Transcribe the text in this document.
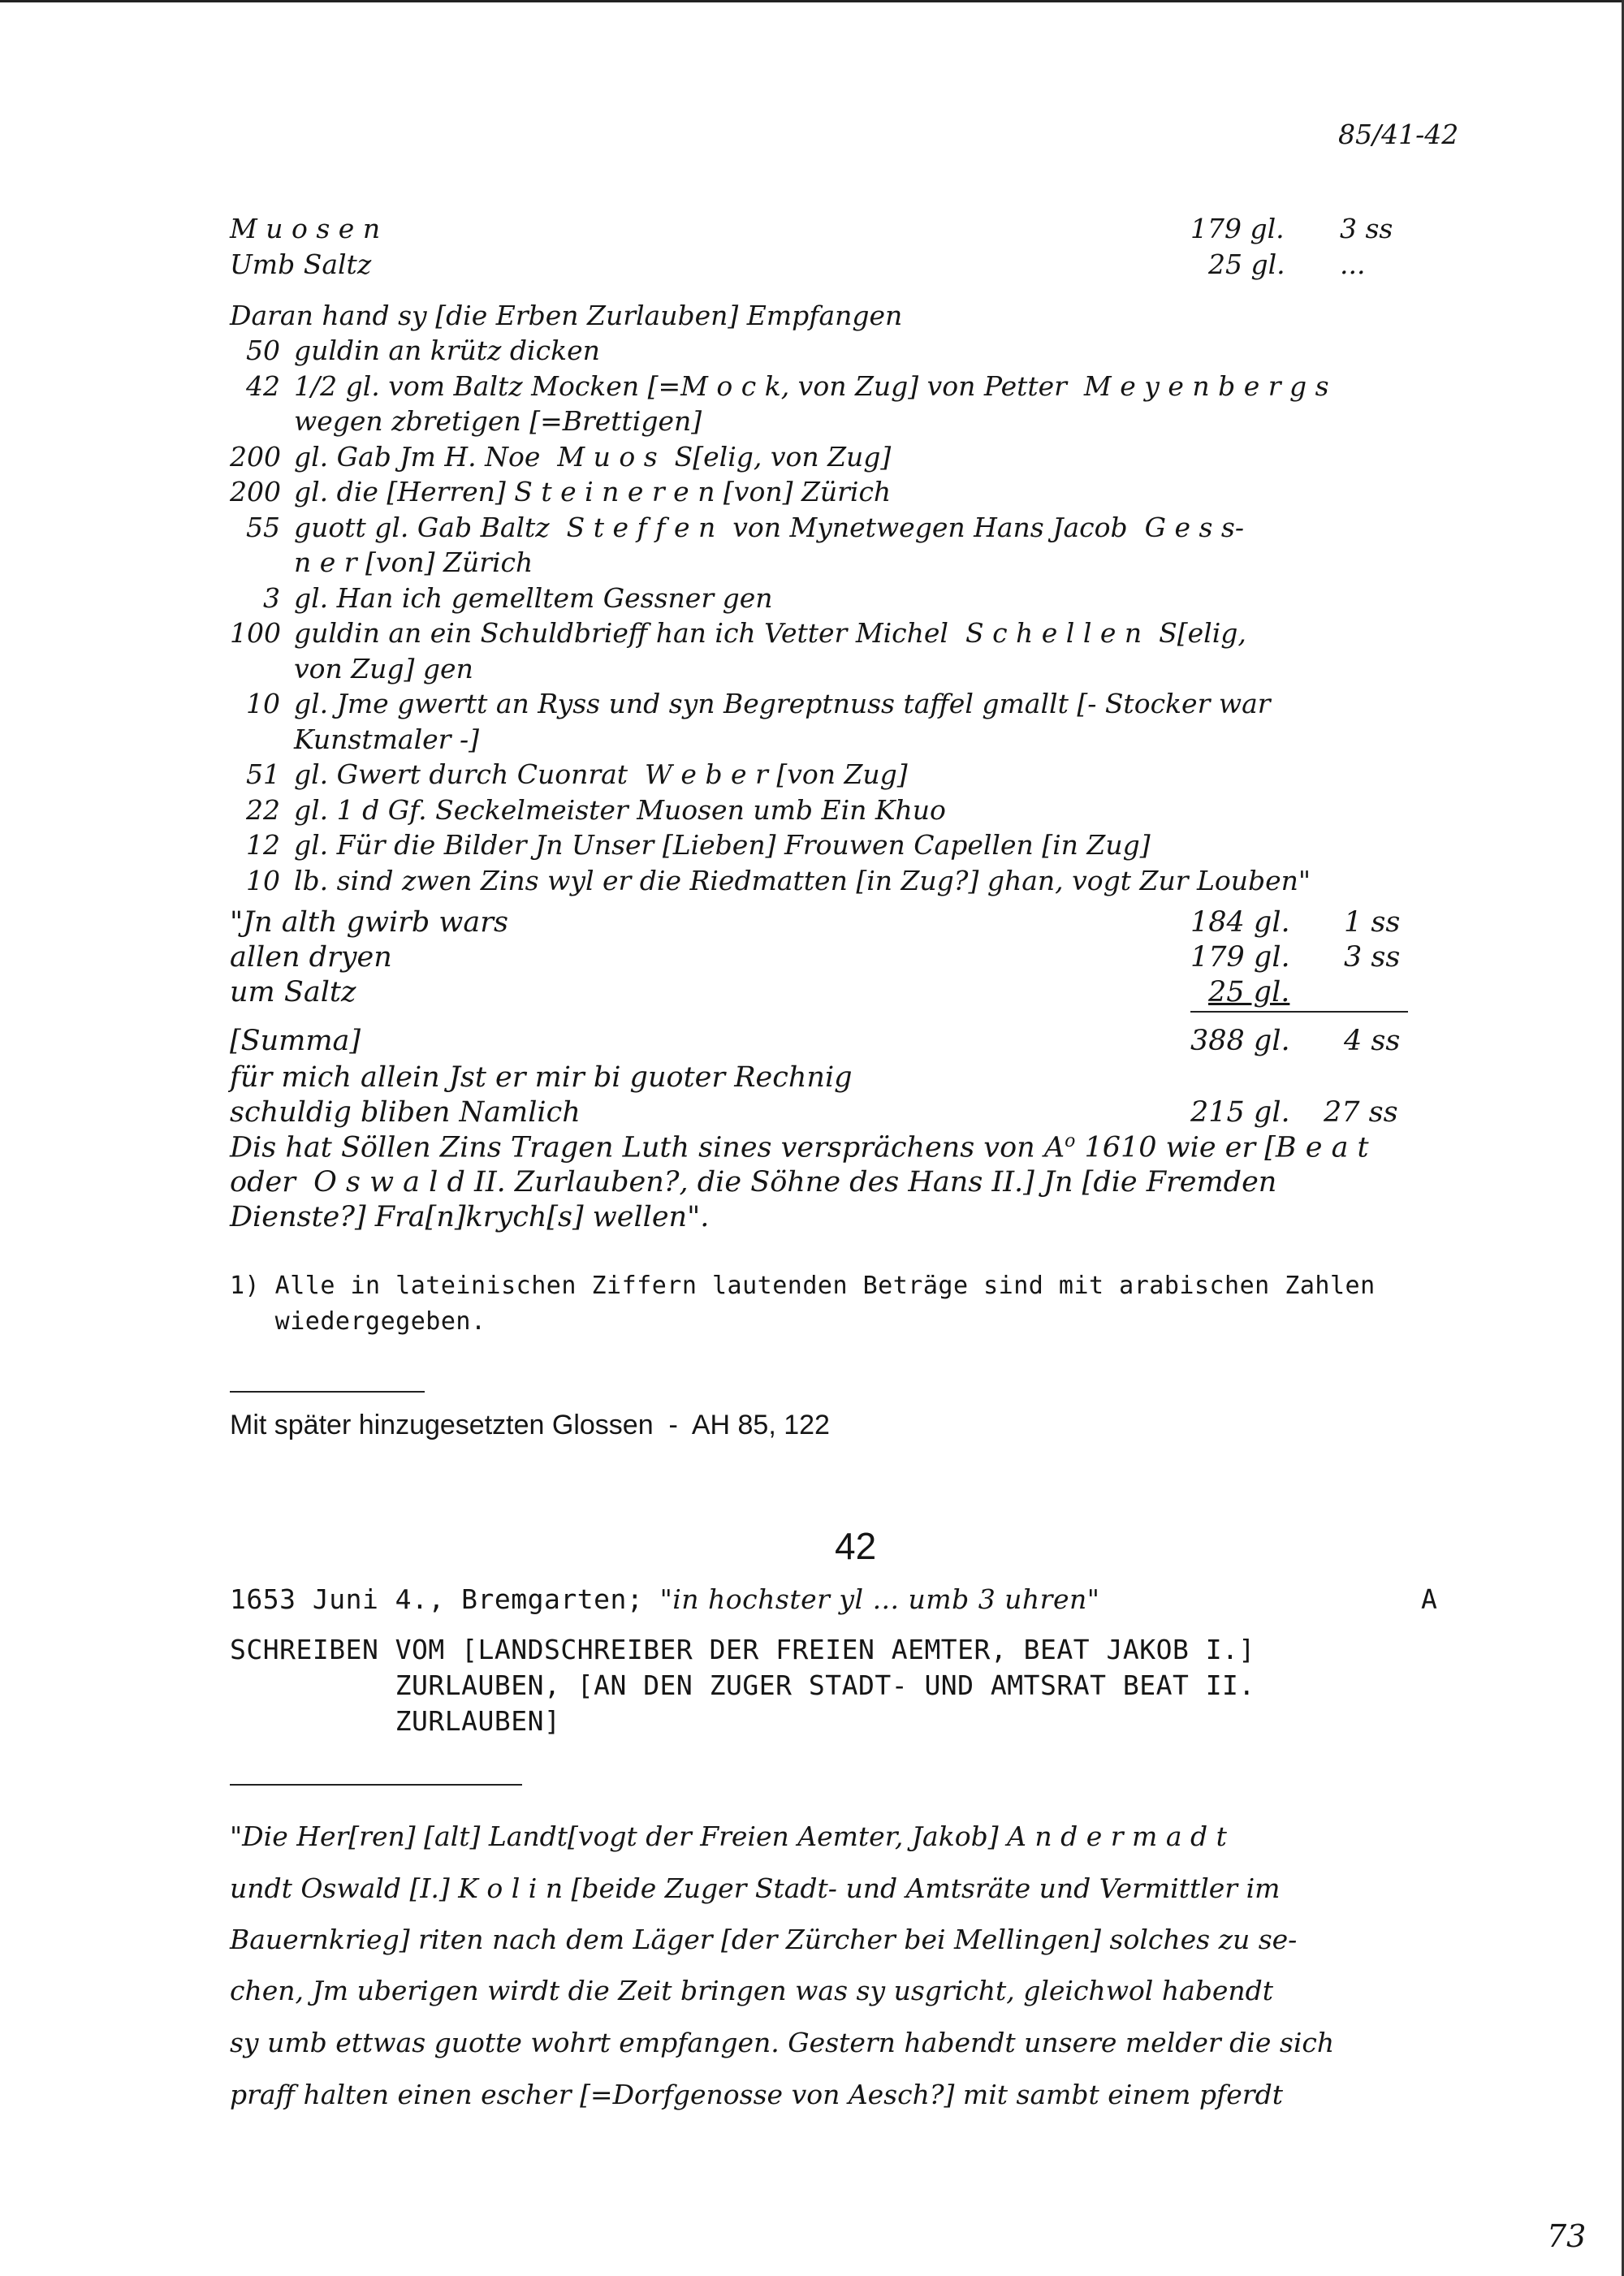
85/41-42
M u o s e n	179 gl. 3 ss
Umb Saltz	25 gl. ...
Daran hand sy [die Erben Zurlauben] Empfangen
50 guldin an krütz dicken
42 1/2 gl. vom Baltz Mocken [=M o c k, von Zug] von Petter  M e y e n b e r g s
wegen zbretigen [=Brettigen]
200 gl. Gab Jm H. Noe  M u o s  S[elig, von Zug]
200 gl. die [Herren] S t e i n e r e n [von] Zürich
55 guott gl. Gab Baltz  S t e f f e n  von Mynetwegen Hans Jacob  G e s s-
n e r [von] Zürich
3 gl. Han ich gemelltem Gessner gen
100 guldin an ein Schuldbrieff han ich Vetter Michel  S c h e l l e n  S[elig,
von Zug] gen
10 gl. Jme gwertt an Ryss und syn Begreptnuss taffel gmallt [- Stocker war
Kunstmaler -]
51 gl. Gwert durch Cuonrat  W e b e r [von Zug]
22 gl. 1 d Gf. Seckelmeister Muosen umb Ein Khuo
12 gl. Für die Bilder Jn Unser [Lieben] Frouwen Capellen [in Zug]
10 lb. sind zwen Zins wyl er die Riedmatten [in Zug?] ghan, vogt Zur Louben"
"Jn alth gwirb wars	184 gl. 1 ss
allen dryen	179 gl. 3 ss
um Saltz	25 gl.
[Summa]	388 gl. 4 ss
für mich allein Jst er mir bi guoter Rechnig
schuldig bliben Namlich	215 gl. 27 ss
Dis hat Söllen Zins Tragen Luth sines versprächens von $A^o$ 1610 wie er [B e a t
oder  O s w a l d II. Zurlauben?, die Söhne des Hans II.] Jn [die Fremden
Dienste?] Fra[n]krych[s] wellen".
1) Alle in lateinischen Ziffern lautenden Beträge sind mit arabischen Zahlen
wiedergegeben.
Mit später hinzugesetzten Glossen  -  AH 85, 122
42
1653 Juni 4., Bremgarten; "in hochster yl ... umb 3 uhren"	A
SCHREIBEN VOM [LANDSCHREIBER DER FREIEN AEMTER, BEAT JAKOB I.]
ZURLAUBEN, [AN DEN ZUGER STADT- UND AMTSRAT BEAT II.
ZURLAUBEN]
"Die Her[ren] [alt] Landt[vogt der Freien Aemter, Jakob] A n d e r m a d t
undt Oswald [I.] K o l i n [beide Zuger Stadt- und Amtsräte und Vermittler im
Bauernkrieg] riten nach dem Läger [der Zürcher bei Mellingen] solches zu se-
chen, Jm uberigen wirdt die Zeit bringen was sy usgricht, gleichwol habendt
sy umb ettwas guotte wohrt empfangen. Gestern habendt unsere melder die sich
praff halten einen escher [=Dorfgenosse von Aesch?] mit sambt einem pferdt
73
